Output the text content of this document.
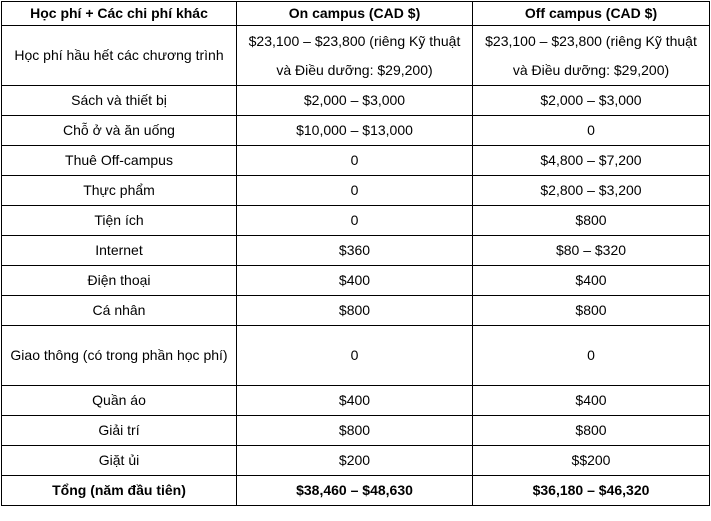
Học phí + Các chi phí khác	On campus (CAD $)	Off campus (CAD $)
Học phí hầu hết các chương trình	$23,100 – $23,800 (riêng Kỹ thuật và Điều dưỡng: $29,200)	$23,100 – $23,800 (riêng Kỹ thuật và Điều dưỡng: $29,200)
Sách và thiết bị	$2,000 – $3,000	$2,000 – $3,000
Chỗ ở và ăn uống	$10,000 – $13,000	0
Thuê Off-campus	0	$4,800 – $7,200
Thực phẩm	0	$2,800 – $3,200
Tiện ích	0	$800
Internet	$360	$80 – $320
Điện thoại	$400	$400
Cá nhân	$800	$800
Giao thông (có trong phần học phí)	0	0
Quần áo	$400	$400
Giải trí	$800	$800
Giặt ủi	$200	$$200
Tổng (năm đầu tiên)	$38,460 – $48,630	$36,180 – $46,320
